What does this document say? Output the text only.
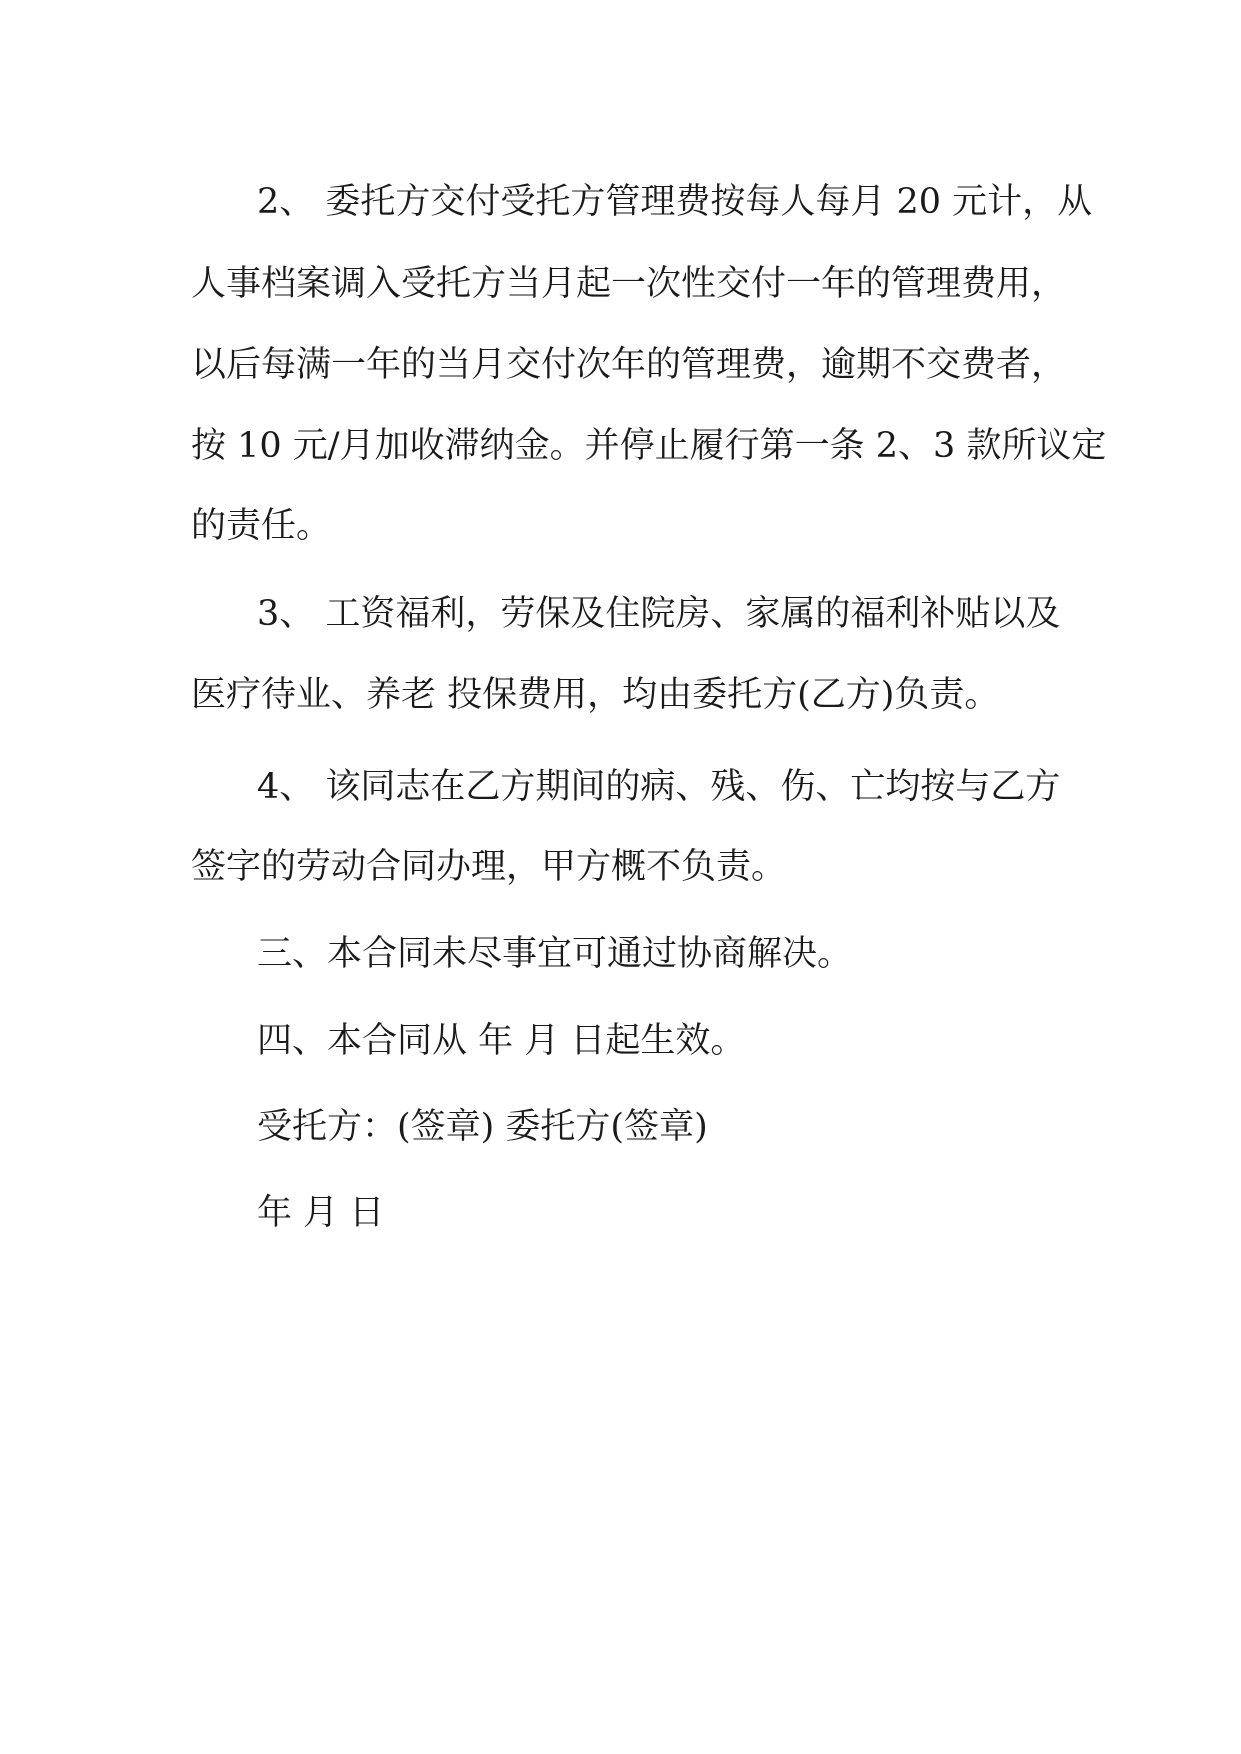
2、 委托方交付受托方管理费按每人每月 20 元计，从
人事档案调入受托方当月起一次性交付一年的管理费用，
以后每满一年的当月交付次年的管理费，逾期不交费者，
按 10 元/月加收滞纳金。并停止履行第一条 2、3 款所议定
的责任。
3、 工资福利，劳保及住院房、家属的福利补贴以及
医疗待业、养老 投保费用，均由委托方(乙方)负责。
4、 该同志在乙方期间的病、残、伤、亡均按与乙方
签字的劳动合同办理，甲方概不负责。
三、本合同未尽事宜可通过协商解决。
四、本合同从 年 月 日起生效。
受托方：(签章) 委托方(签章)
年 月 日
